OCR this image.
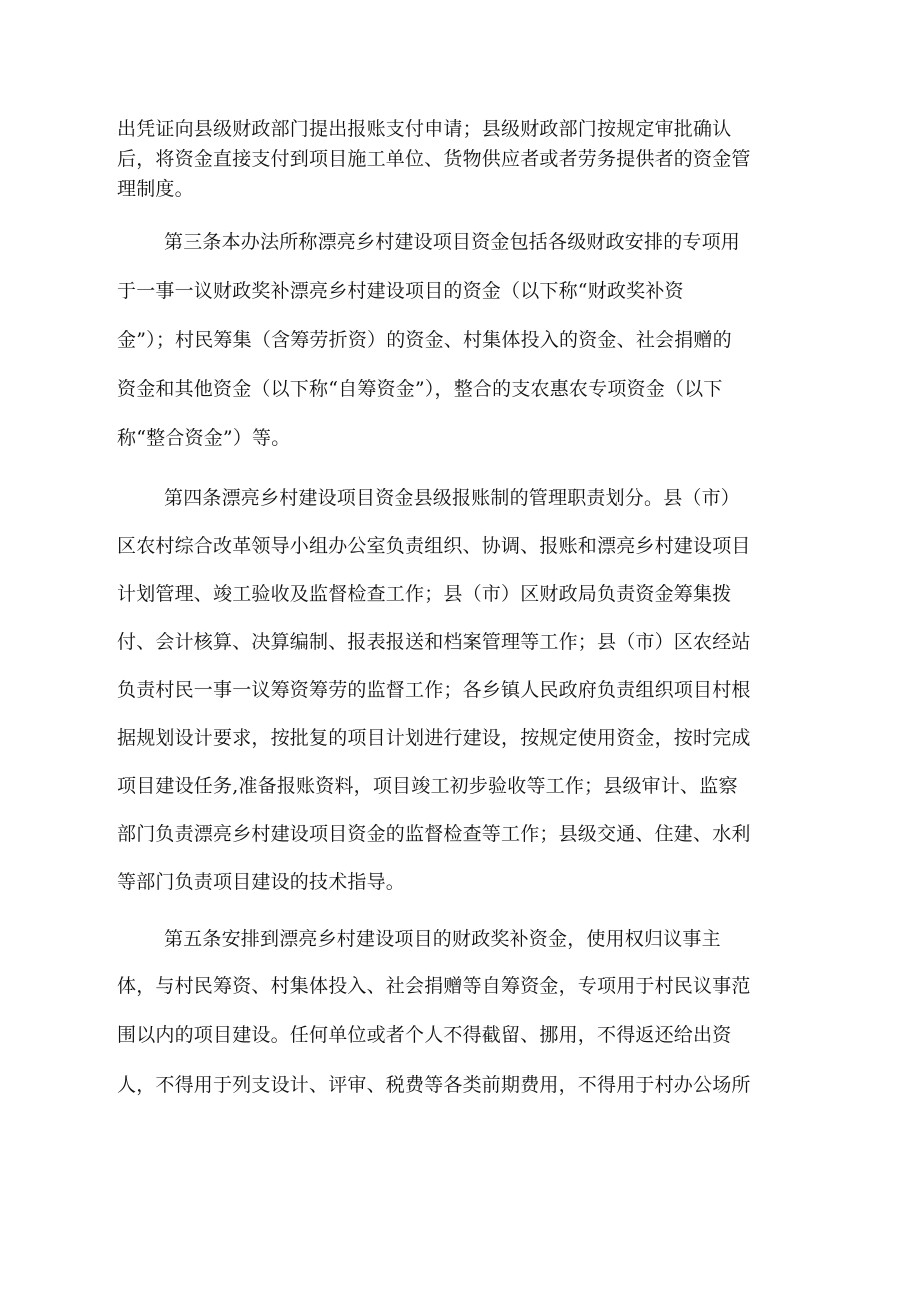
出凭证向县级财政部门提出报账支付申请；县级财政部门按规定审批确认
后，将资金直接支付到项目施工单位、货物供应者或者劳务提供者的资金管
理制度。
第三条本办法所称漂亮乡村建设项目资金包括各级财政安排的专项用
于一事一议财政奖补漂亮乡村建设项目的资金（以下称“财政奖补资
金”）；村民筹集（含筹劳折资）的资金、村集体投入的资金、社会捐赠的
资金和其他资金（以下称“自筹资金”），整合的支农惠农专项资金（以下
称“整合资金”）等。
第四条漂亮乡村建设项目资金县级报账制的管理职责划分。县（市）
区农村综合改革领导小组办公室负责组织、协调、报账和漂亮乡村建设项目
计划管理、竣工验收及监督检查工作；县（市）区财政局负责资金筹集拨
付、会计核算、决算编制、报表报送和档案管理等工作；县（市）区农经站
负责村民一事一议筹资筹劳的监督工作；各乡镇人民政府负责组织项目村根
据规划设计要求，按批复的项目计划进行建设，按规定使用资金，按时完成
项目建设任务,准备报账资料，项目竣工初步验收等工作；县级审计、监察
部门负责漂亮乡村建设项目资金的监督检查等工作；县级交通、住建、水利
等部门负责项目建设的技术指导。
第五条安排到漂亮乡村建设项目的财政奖补资金，使用权归议事主
体，与村民筹资、村集体投入、社会捐赠等自筹资金，专项用于村民议事范
围以内的项目建设。任何单位或者个人不得截留、挪用，不得返还给出资
人，不得用于列支设计、评审、税费等各类前期费用，不得用于村办公场所
